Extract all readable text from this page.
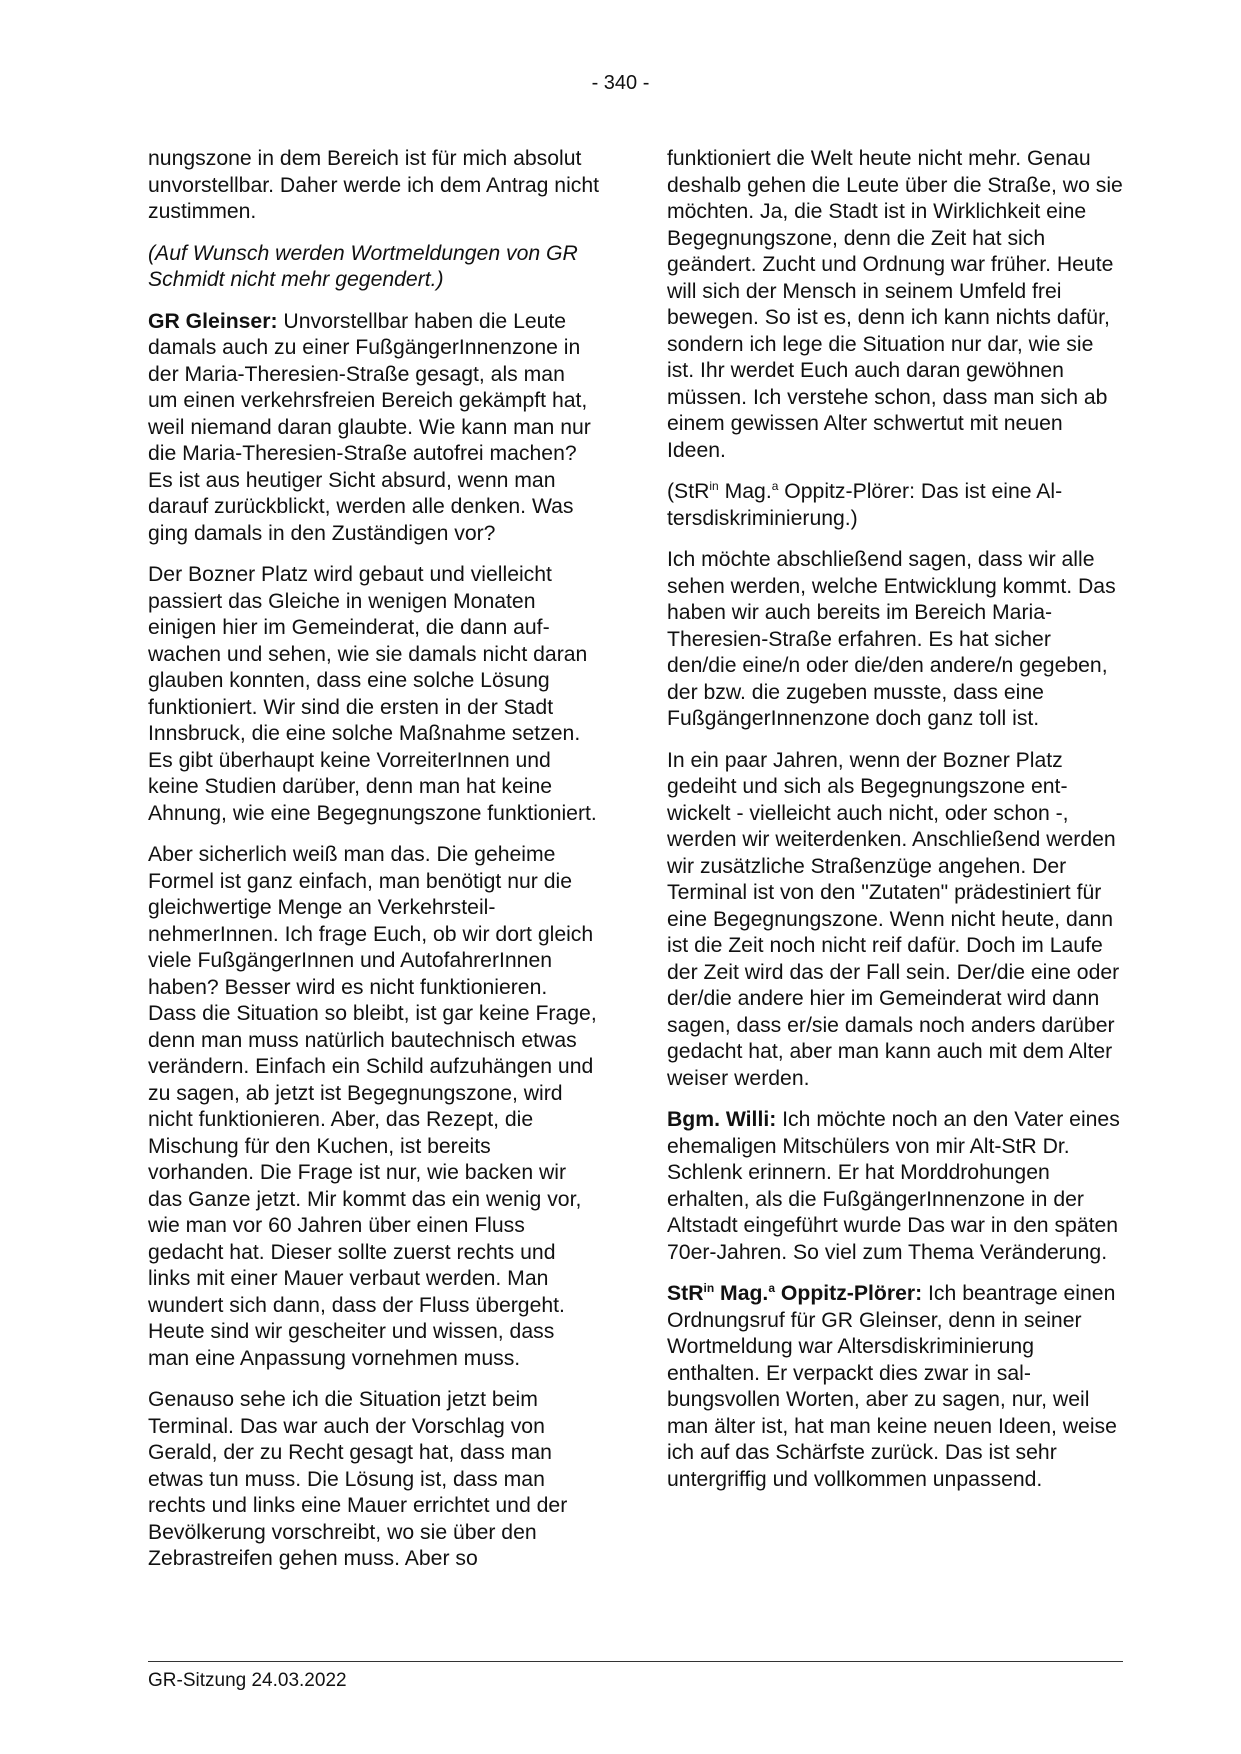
- 340 -

nungszone in dem Bereich ist für mich absolut unvorstellbar. Daher werde ich dem Antrag nicht zustimmen.

(Auf Wunsch werden Wortmeldungen von GR Schmidt nicht mehr gegendert.)

GR Gleinser: Unvorstellbar haben die Leute damals auch zu einer FußgängerInnenzone in der Maria-Theresien-Straße gesagt, als man um einen verkehrsfreien Bereich gekämpft hat, weil niemand daran glaubte. Wie kann man nur die Maria-Theresien-Straße autofrei machen? Es ist aus heutiger Sicht absurd, wenn man darauf zurückblickt, werden alle denken. Was ging damals in den Zuständigen vor?

Der Bozner Platz wird gebaut und vielleicht passiert das Gleiche in wenigen Monaten einigen hier im Gemeinderat, die dann aufwachen und sehen, wie sie damals nicht daran glauben konnten, dass eine solche Lösung funktioniert. Wir sind die ersten in der Stadt Innsbruck, die eine solche Maßnahme setzen. Es gibt überhaupt keine VorreiterInnen und keine Studien darüber, denn man hat keine Ahnung, wie eine Begegnungszone funktioniert.

Aber sicherlich weiß man das. Die geheime Formel ist ganz einfach, man benötigt nur die gleichwertige Menge an VerkehrsteilnehmerInnen. Ich frage Euch, ob wir dort gleich viele FußgängerInnen und AutofahrerInnen haben? Besser wird es nicht funktionieren. Dass die Situation so bleibt, ist gar keine Frage, denn man muss natürlich bautechnisch etwas verändern. Einfach ein Schild aufzuhängen und zu sagen, ab jetzt ist Begegnungszone, wird nicht funktionieren. Aber, das Rezept, die Mischung für den Kuchen, ist bereits vorhanden. Die Frage ist nur, wie backen wir das Ganze jetzt. Mir kommt das ein wenig vor, wie man vor 60 Jahren über einen Fluss gedacht hat. Dieser sollte zuerst rechts und links mit einer Mauer verbaut werden. Man wundert sich dann, dass der Fluss übergeht. Heute sind wir gescheiter und wissen, dass man eine Anpassung vornehmen muss.

Genauso sehe ich die Situation jetzt beim Terminal. Das war auch der Vorschlag von Gerald, der zu Recht gesagt hat, dass man etwas tun muss. Die Lösung ist, dass man rechts und links eine Mauer errichtet und der Bevölkerung vorschreibt, wo sie über den Zebrastreifen gehen muss. Aber so

funktioniert die Welt heute nicht mehr. Genau deshalb gehen die Leute über die Straße, wo sie möchten. Ja, die Stadt ist in Wirklichkeit eine Begegnungszone, denn die Zeit hat sich geändert. Zucht und Ordnung war früher. Heute will sich der Mensch in seinem Umfeld frei bewegen. So ist es, denn ich kann nichts dafür, sondern ich lege die Situation nur dar, wie sie ist. Ihr werdet Euch auch daran gewöhnen müssen. Ich verstehe schon, dass man sich ab einem gewissen Alter schwertut mit neuen Ideen.

(StR$^{in}$ Mag.$^a$ Oppitz-Plörer: Das ist eine Altersdiskriminierung.)

Ich möchte abschließend sagen, dass wir alle sehen werden, welche Entwicklung kommt. Das haben wir auch bereits im Bereich Maria-Theresien-Straße erfahren. Es hat sicher den/die eine/n oder die/den andere/n gegeben, der bzw. die zugeben musste, dass eine FußgängerInnenzone doch ganz toll ist.

In ein paar Jahren, wenn der Bozner Platz gedeiht und sich als Begegnungszone entwickelt - vielleicht auch nicht, oder schon -, werden wir weiterdenken. Anschließend werden wir zusätzliche Straßenzüge angehen. Der Terminal ist von den "Zutaten" prädestiniert für eine Begegnungszone. Wenn nicht heute, dann ist die Zeit noch nicht reif dafür. Doch im Laufe der Zeit wird das der Fall sein. Der/die eine oder der/die andere hier im Gemeinderat wird dann sagen, dass er/sie damals noch anders darüber gedacht hat, aber man kann auch mit dem Alter weiser werden.

Bgm. Willi: Ich möchte noch an den Vater eines ehemaligen Mitschülers von mir Alt-StR Dr. Schlenk erinnern. Er hat Morddrohungen erhalten, als die FußgängerInnenzone in der Altstadt eingeführt wurde Das war in den späten 70er-Jahren. So viel zum Thema Veränderung.

StR$^{in}$ Mag.$^a$ Oppitz-Plörer: Ich beantrage einen Ordnungsruf für GR Gleinser, denn in seiner Wortmeldung war Altersdiskriminierung enthalten. Er verpackt dies zwar in salbungsvollen Worten, aber zu sagen, nur, weil man älter ist, hat man keine neuen Ideen, weise ich auf das Schärfste zurück. Das ist sehr untergriffig und vollkommen unpassend.

GR-Sitzung 24.03.2022
